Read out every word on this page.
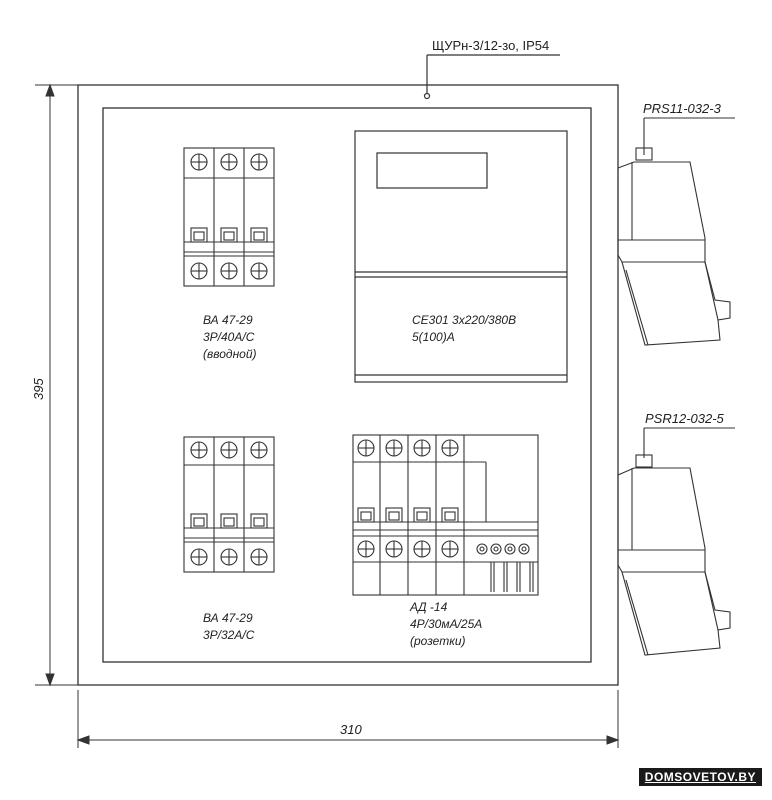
ЩУРн-3/12-зо, IP54
395
310
ВА 47-29
3P/40A/C
(вводной)
CE301 3x220/380В
5(100)A
ВА 47-29
3P/32A/C
АД -14
4P/30мА/25А
(розетки)
PRS11-032-3
PSR12-032-5
DOMSOVETOV.BY
